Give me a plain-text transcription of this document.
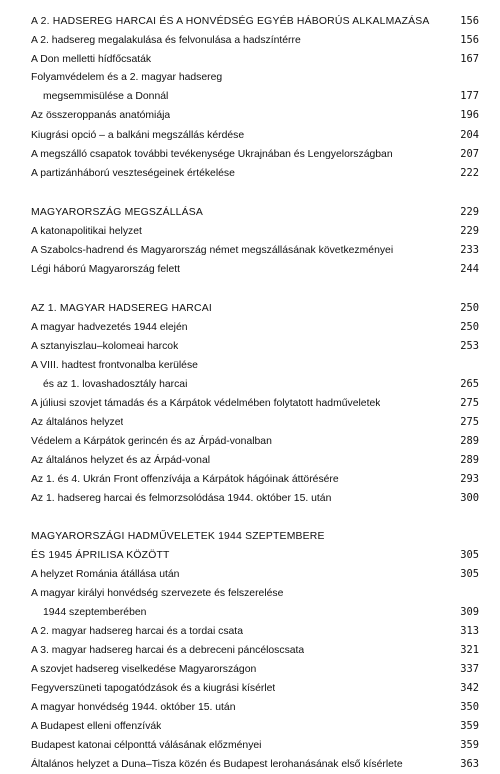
A 2. HADSEREG HARCAI ÉS A HONVÉDSÉG EGYÉB HÁBORÚS ALKALMAZÁSA	156
A 2. hadsereg megalakulása és felvonulása a hadszíntérre	156
A Don melletti hídfőcsaták	167
Folyamvédelem és a 2. magyar hadsereg
megsemmisülése a Donnál	177
Az összeroppanás anatómiája	196
Kiugrási opció – a balkáni megszállás kérdése	204
A megszálló csapatok további tevékenysége Ukrajnában és Lengyelországban	207
A partizánháború veszteségeinek értékelése	222
MAGYARORSZÁG MEGSZÁLLÁSA	229
A katonapolitikai helyzet	229
A Szabolcs-hadrend és Magyarország német megszállásának következményei	233
Légi háború Magyarország felett	244
AZ 1. MAGYAR HADSEREG HARCAI	250
A magyar hadvezetés 1944 elején	250
A sztanyiszlau–kolomeai harcok	253
A VIII. hadtest frontvonalba kerülése
és az 1. lovashadosztály harcai	265
A júliusi szovjet támadás és a Kárpátok védelmében folytatott hadműveletek	275
Az általános helyzet	275
Védelem a Kárpátok gerincén és az Árpád-vonalban	289
Az általános helyzet és az Árpád-vonal	289
Az 1. és 4. Ukrán Front offenzívája a Kárpátok hágóinak áttörésére	293
Az 1. hadsereg harcai és felmorzsolódása 1944. október 15. után	300
MAGYARORSZÁGI HADMŰVELETEK 1944 SZEPTEMBERE
ÉS 1945 ÁPRILISA KÖZÖTT	305
A helyzet Románia átállása után	305
A magyar királyi honvédség szervezete és felszerelése
1944 szeptemberében	309
A 2. magyar hadsereg harcai és a tordai csata	313
A 3. magyar hadsereg harcai és a debreceni páncéloscsata	321
A szovjet hadsereg viselkedése Magyarországon	337
Fegyverszüneti tapogatódzások és a kiugrási kísérlet	342
A magyar honvédség 1944. október 15. után	350
A Budapest elleni offenzívák	359
Budapest katonai célponttá válásának előzményei	359
Általános helyzet a Duna–Tisza közén és Budapest lerohanásának első kísérlete	363
